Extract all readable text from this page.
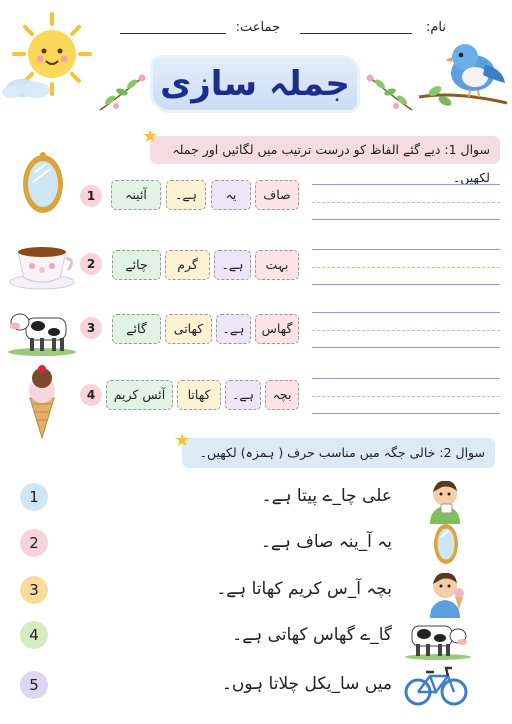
نام:
جماعت:
جملہ سازی
سوال 1: دیے گئے الفاظ کو درست ترتیب میں لگائیں اور جملہ لکھیں۔
★
1
2
3
4
صاف
یہ
ہے۔
آئینہ
بہت
ہے۔
گرم
چائے
گھاس
ہے۔
کھاتی
گائے
بچہ
ہے۔
کھاتا
آئس کریم
سوال 2: خالی جگہ میں مناسب حرف ( ہمزہ) لکھیں۔
★
1
2
3
4
5
علی چا_ے پیتا ہے۔
یہ آ_ینہ صاف ہے۔
بچہ آ_س کریم کھاتا ہے۔
گا_ے گھاس کھاتی ہے۔
میں سا_یکل چلاتا ہوں۔
